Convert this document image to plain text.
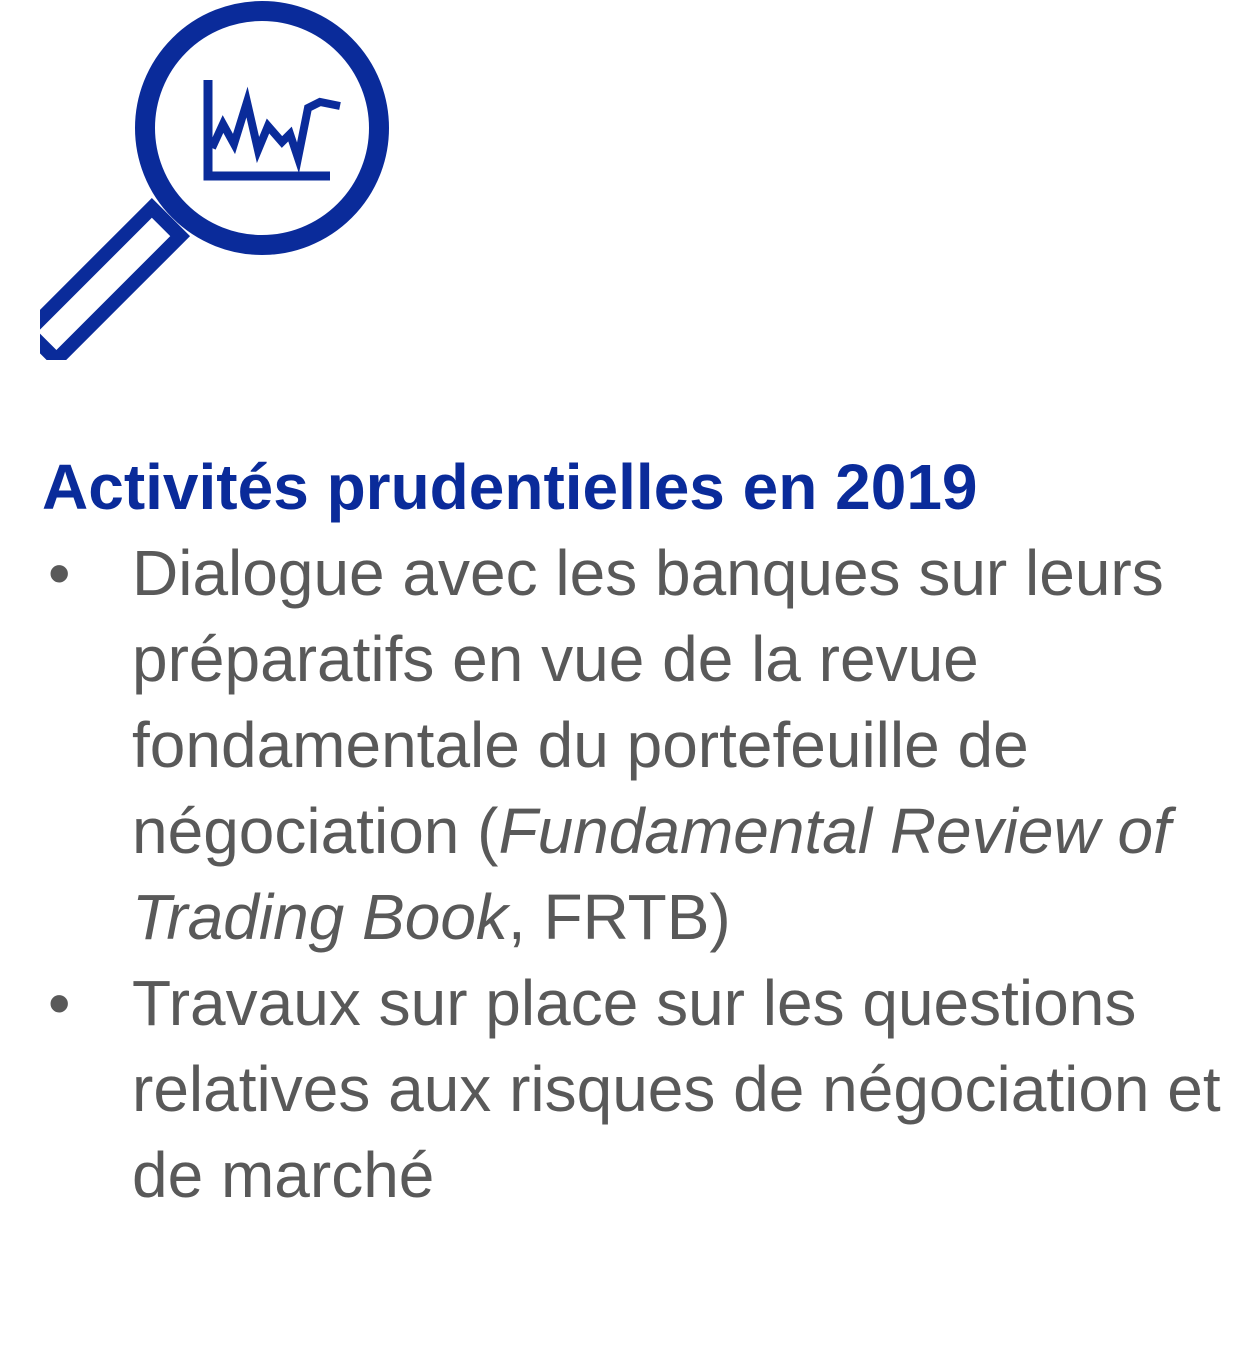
Activités prudentielles en 2019
• Dialogue avec les banques sur leurs préparatifs en vue de la revue fondamentale du portefeuille de négociation (Fundamental Review of Trading Book, FRTB)
• Travaux sur place sur les questions relatives aux risques de négociation et de marché
